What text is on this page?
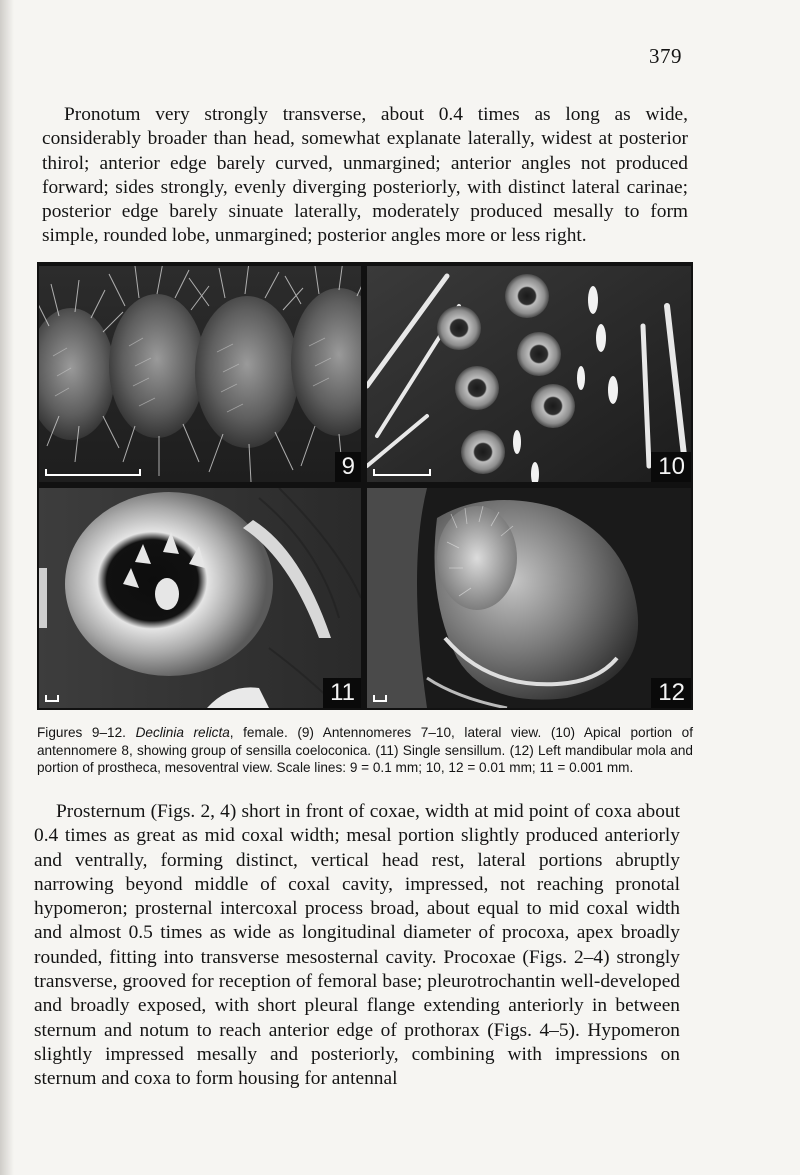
379

Pronotum very strongly transverse, about 0.4 times as long as wide, considerably broader than head, somewhat explanate laterally, widest at posterior thirol; anterior edge barely curved, unmargined; anterior angles not produced forward; sides strongly, evenly diverging posteriorly, with distinct lateral carinae; posterior edge barely sinuate laterally, moderately produced mesally to form simple, rounded lobe, unmargined; posterior angles more or less right.

9	10
11	12

Figures 9–12. Declinia relicta, female. (9) Antennomeres 7–10, lateral view. (10) Apical portion of antennomere 8, showing group of sensilla coeloconica. (11) Single sensillum. (12) Left mandibular mola and portion of prostheca, mesoventral view. Scale lines: 9 = 0.1 mm; 10, 12 = 0.01 mm; 11 = 0.001 mm.

Prosternum (Figs. 2, 4) short in front of coxae, width at mid point of coxa about 0.4 times as great as mid coxal width; mesal portion slightly produced anteriorly and ventrally, forming distinct, vertical head rest, lateral portions abruptly narrowing beyond middle of coxal cavity, impressed, not reaching pronotal hypomeron; prosternal intercoxal process broad, about equal to mid coxal width and almost 0.5 times as wide as longitudinal diameter of procoxa, apex broadly rounded, fitting into transverse mesosternal cavity. Procoxae (Figs. 2–4) strongly transverse, grooved for reception of femoral base; pleurotrochantin well-developed and broadly exposed, with short pleural flange extending anteriorly in between sternum and notum to reach anterior edge of prothorax (Figs. 4–5). Hypomeron slightly impressed mesally and posteriorly, combining with impressions on sternum and coxa to form housing for antennal
